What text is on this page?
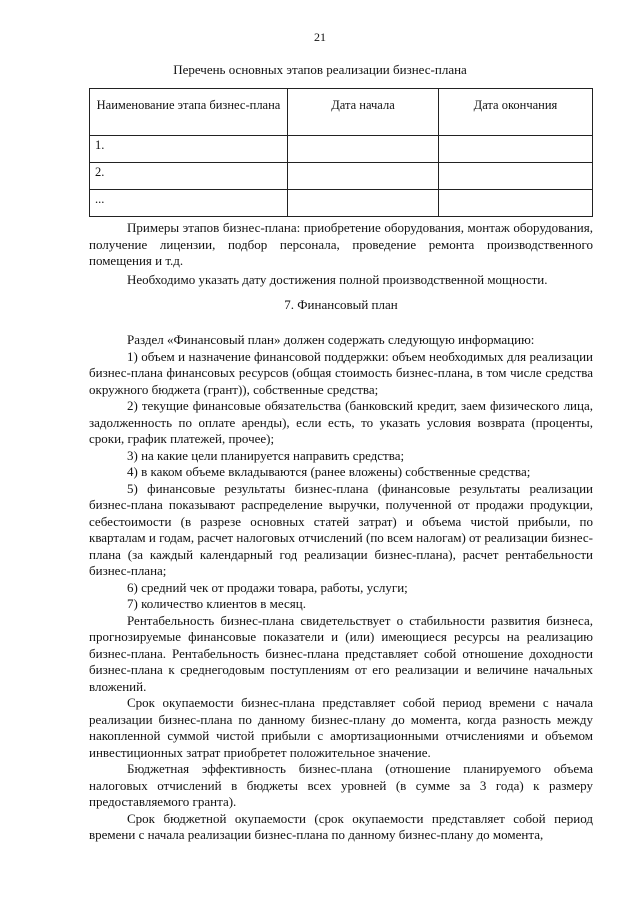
21
Перечень основных этапов реализации бизнес-плана
Наименование этапа бизнес-плана	Дата начала	Дата окончания
1.		
2.		
...		

Примеры этапов бизнес-плана: приобретение оборудования, монтаж оборудования, получение лицензии, подбор персонала, проведение ремонта производственного помещения и т.д.

Необходимо указать дату достижения полной производственной мощности.

7. Финансовый план

Раздел «Финансовый план» должен содержать следующую информацию:

1) объем и назначение финансовой поддержки: объем необходимых для реализации бизнес-плана финансовых ресурсов (общая стоимость бизнес-плана, в том числе средства окружного бюджета (грант)), собственные средства;

2) текущие финансовые обязательства (банковский кредит, заем физического лица, задолженность по оплате аренды), если есть, то указать условия возврата (проценты, сроки, график платежей, прочее);

3) на какие цели планируется направить средства;

4) в каком объеме вкладываются (ранее вложены) собственные средства;

5) финансовые результаты бизнес-плана (финансовые результаты реализации бизнес-плана показывают распределение выручки, полученной от продажи продукции, себестоимости (в разрезе основных статей затрат) и объема чистой прибыли, по кварталам и годам, расчет налоговых отчислений (по всем налогам) от реализации бизнес-плана (за каждый календарный год реализации бизнес-плана), расчет рентабельности бизнес-плана;

6) средний чек от продажи товара, работы, услуги;

7) количество клиентов в месяц.

Рентабельность бизнес-плана свидетельствует о стабильности развития бизнеса, прогнозируемые финансовые показатели и (или) имеющиеся ресурсы на реализацию бизнес-плана. Рентабельность бизнес-плана представляет собой отношение доходности бизнес-плана к среднегодовым поступлениям от его реализации и величине начальных вложений.

Срок окупаемости бизнес-плана представляет собой период времени с начала реализации бизнес-плана по данному бизнес-плану до момента, когда разность между накопленной суммой чистой прибыли с амортизационными отчислениями и объемом инвестиционных затрат приобретет положительное значение.

Бюджетная эффективность бизнес-плана (отношение планируемого объема налоговых отчислений в бюджеты всех уровней (в сумме за 3 года) к размеру предоставляемого гранта).

Срок бюджетной окупаемости (срок окупаемости представляет собой период времени с начала реализации бизнес-плана по данному бизнес-плану до момента,
